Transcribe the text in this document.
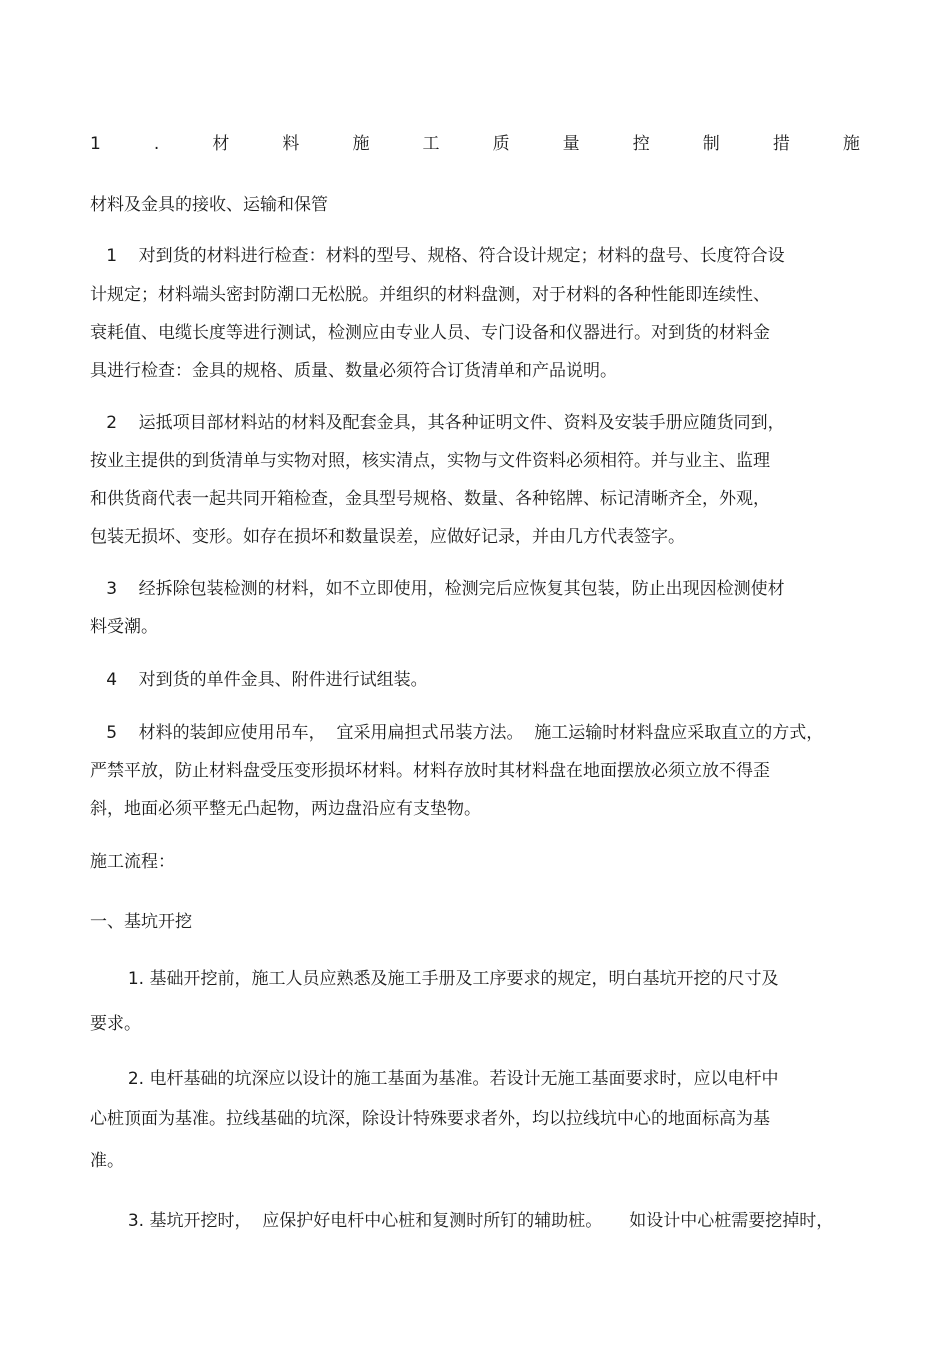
1	.	材	料	施	工	质	量	控	制	措	施
材料及金具的接收、运输和保管
1    对到货的材料进行检查：材料的型号、规格、符合设计规定；材料的盘号、长度符合设
计规定；材料端头密封防潮口无松脱。并组织的材料盘测，对于材料的各种性能即连续性、
衰耗值、电缆长度等进行测试，检测应由专业人员、专门设备和仪器进行。对到货的材料金
具进行检查：金具的规格、质量、数量必须符合订货清单和产品说明。
2    运抵项目部材料站的材料及配套金具，其各种证明文件、资料及安装手册应随货同到，
按业主提供的到货清单与实物对照，核实清点，实物与文件资料必须相符。并与业主、监理
和供货商代表一起共同开箱检查，金具型号规格、数量、各种铭牌、标记清晰齐全，外观，
包装无损坏、变形。如存在损坏和数量误差，应做好记录，并由几方代表签字。
3    经拆除包装检测的材料，如不立即使用，检测完后应恢复其包装，防止出现因检测使材
料受潮。
4    对到货的单件金具、附件进行试组装。
5    材料的装卸应使用吊车，  宜采用扁担式吊装方法。  施工运输时材料盘应采取直立的方式，
严禁平放，防止材料盘受压变形损坏材料。材料存放时其材料盘在地面摆放必须立放不得歪
斜，地面必须平整无凸起物，两边盘沿应有支垫物。
施工流程：
一、基坑开挖
1. 基础开挖前，施工人员应熟悉及施工手册及工序要求的规定，明白基坑开挖的尺寸及
要求。
2. 电杆基础的坑深应以设计的施工基面为基准。若设计无施工基面要求时，应以电杆中
心桩顶面为基准。拉线基础的坑深，除设计特殊要求者外，均以拉线坑中心的地面标高为基
准。
3. 基坑开挖时，  应保护好电杆中心桩和复测时所钉的辅助桩。     如设计中心桩需要挖掉时，
